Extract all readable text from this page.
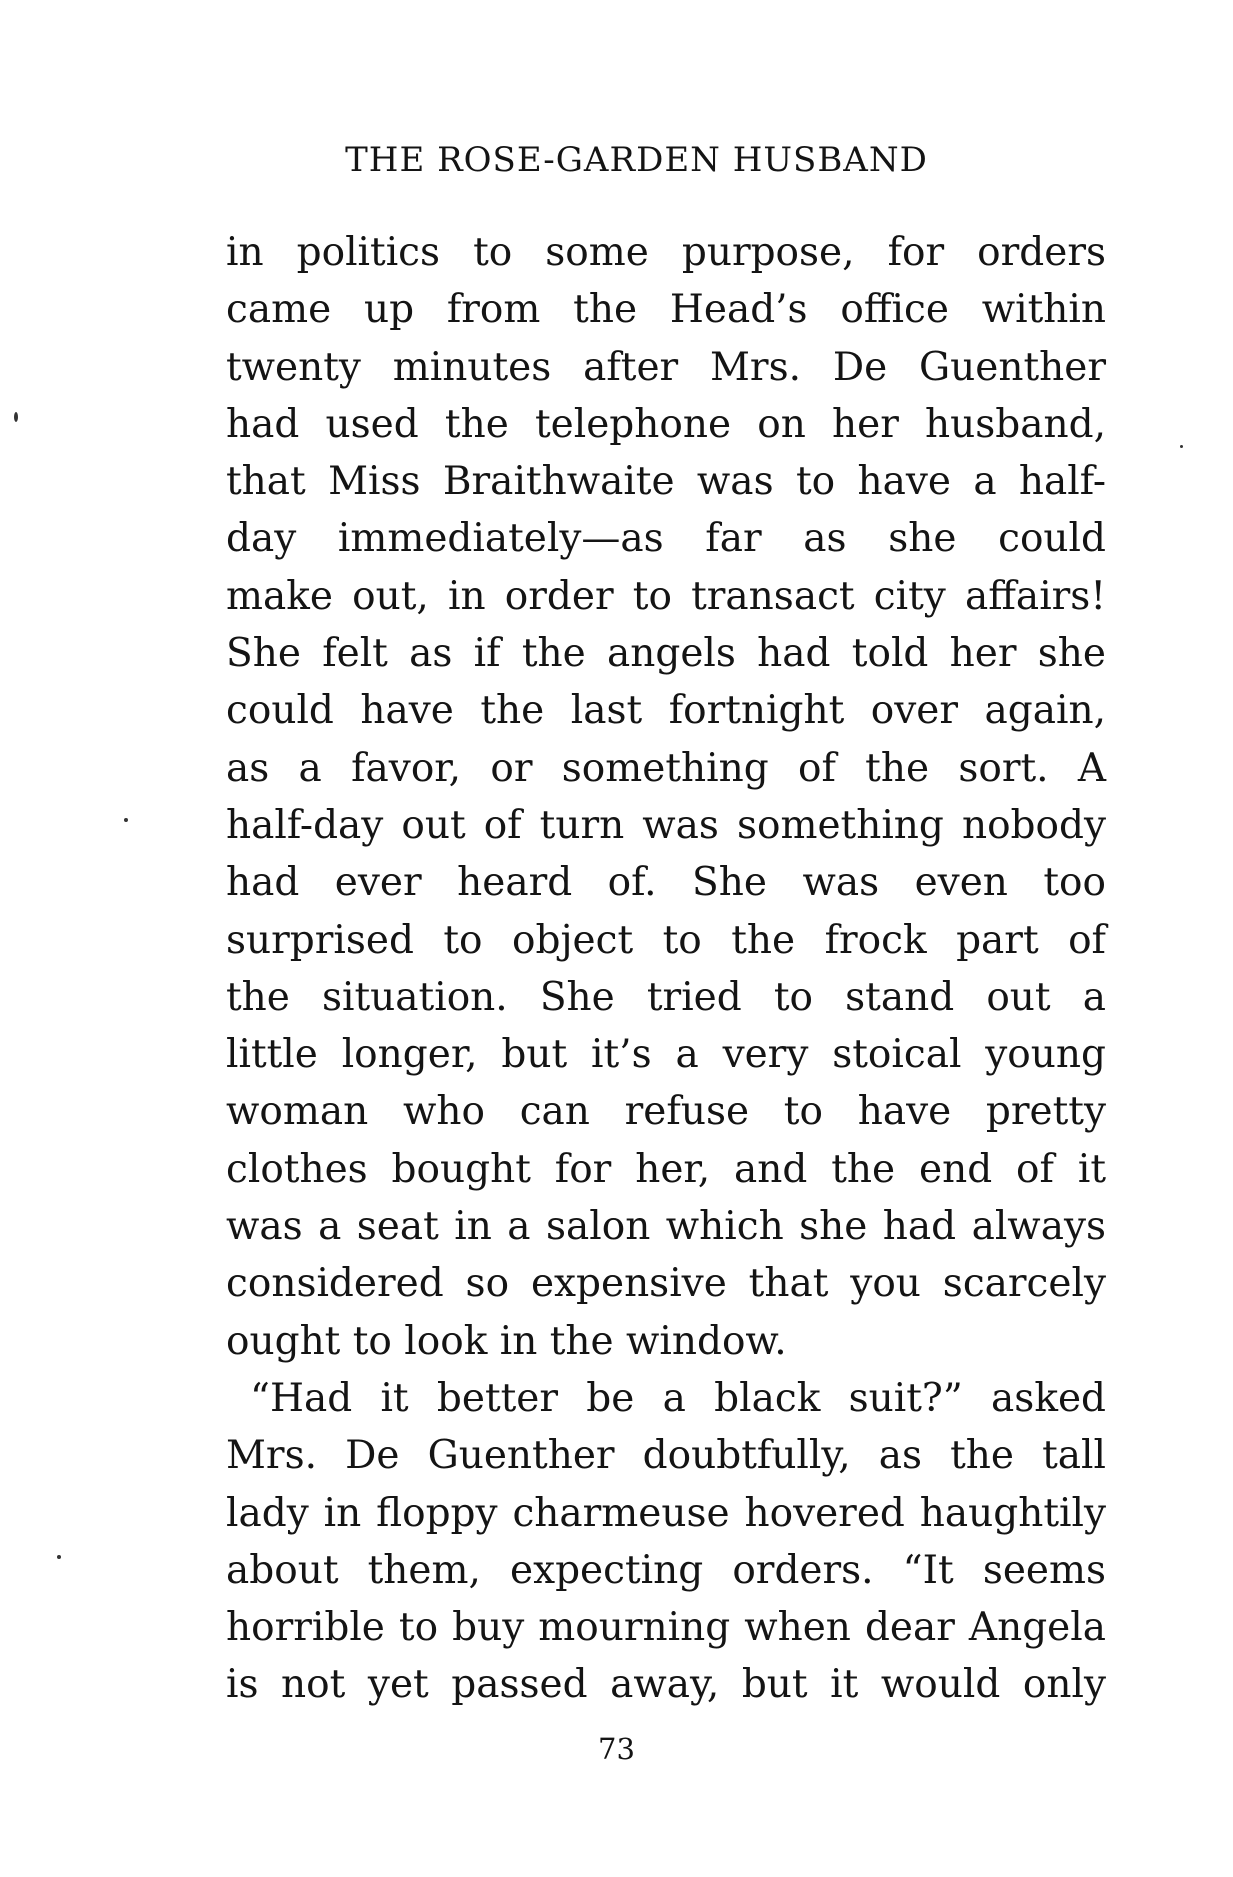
THE ROSE-GARDEN HUSBAND
in politics to some purpose, for orders
came up from the Head’s office within
twenty minutes after Mrs. De Guenther
had used the telephone on her husband,
that Miss Braithwaite was to have a half-
day immediately—as far as she could
make out, in order to transact city affairs!
She felt as if the angels had told her she
could have the last fortnight over again,
as a favor, or something of the sort. A
half-day out of turn was something nobody
had ever heard of. She was even too
surprised to object to the frock part of
the situation. She tried to stand out a
little longer, but it’s a very stoical young
woman who can refuse to have pretty
clothes bought for her, and the end of it
was a seat in a salon which she had always
considered so expensive that you scarcely
ought to look in the window.
“Had it better be a black suit?” asked
Mrs. De Guenther doubtfully, as the tall
lady in floppy charmeuse hovered haughtily
about them, expecting orders. “It seems
horrible to buy mourning when dear Angela
is not yet passed away, but it would only
73
